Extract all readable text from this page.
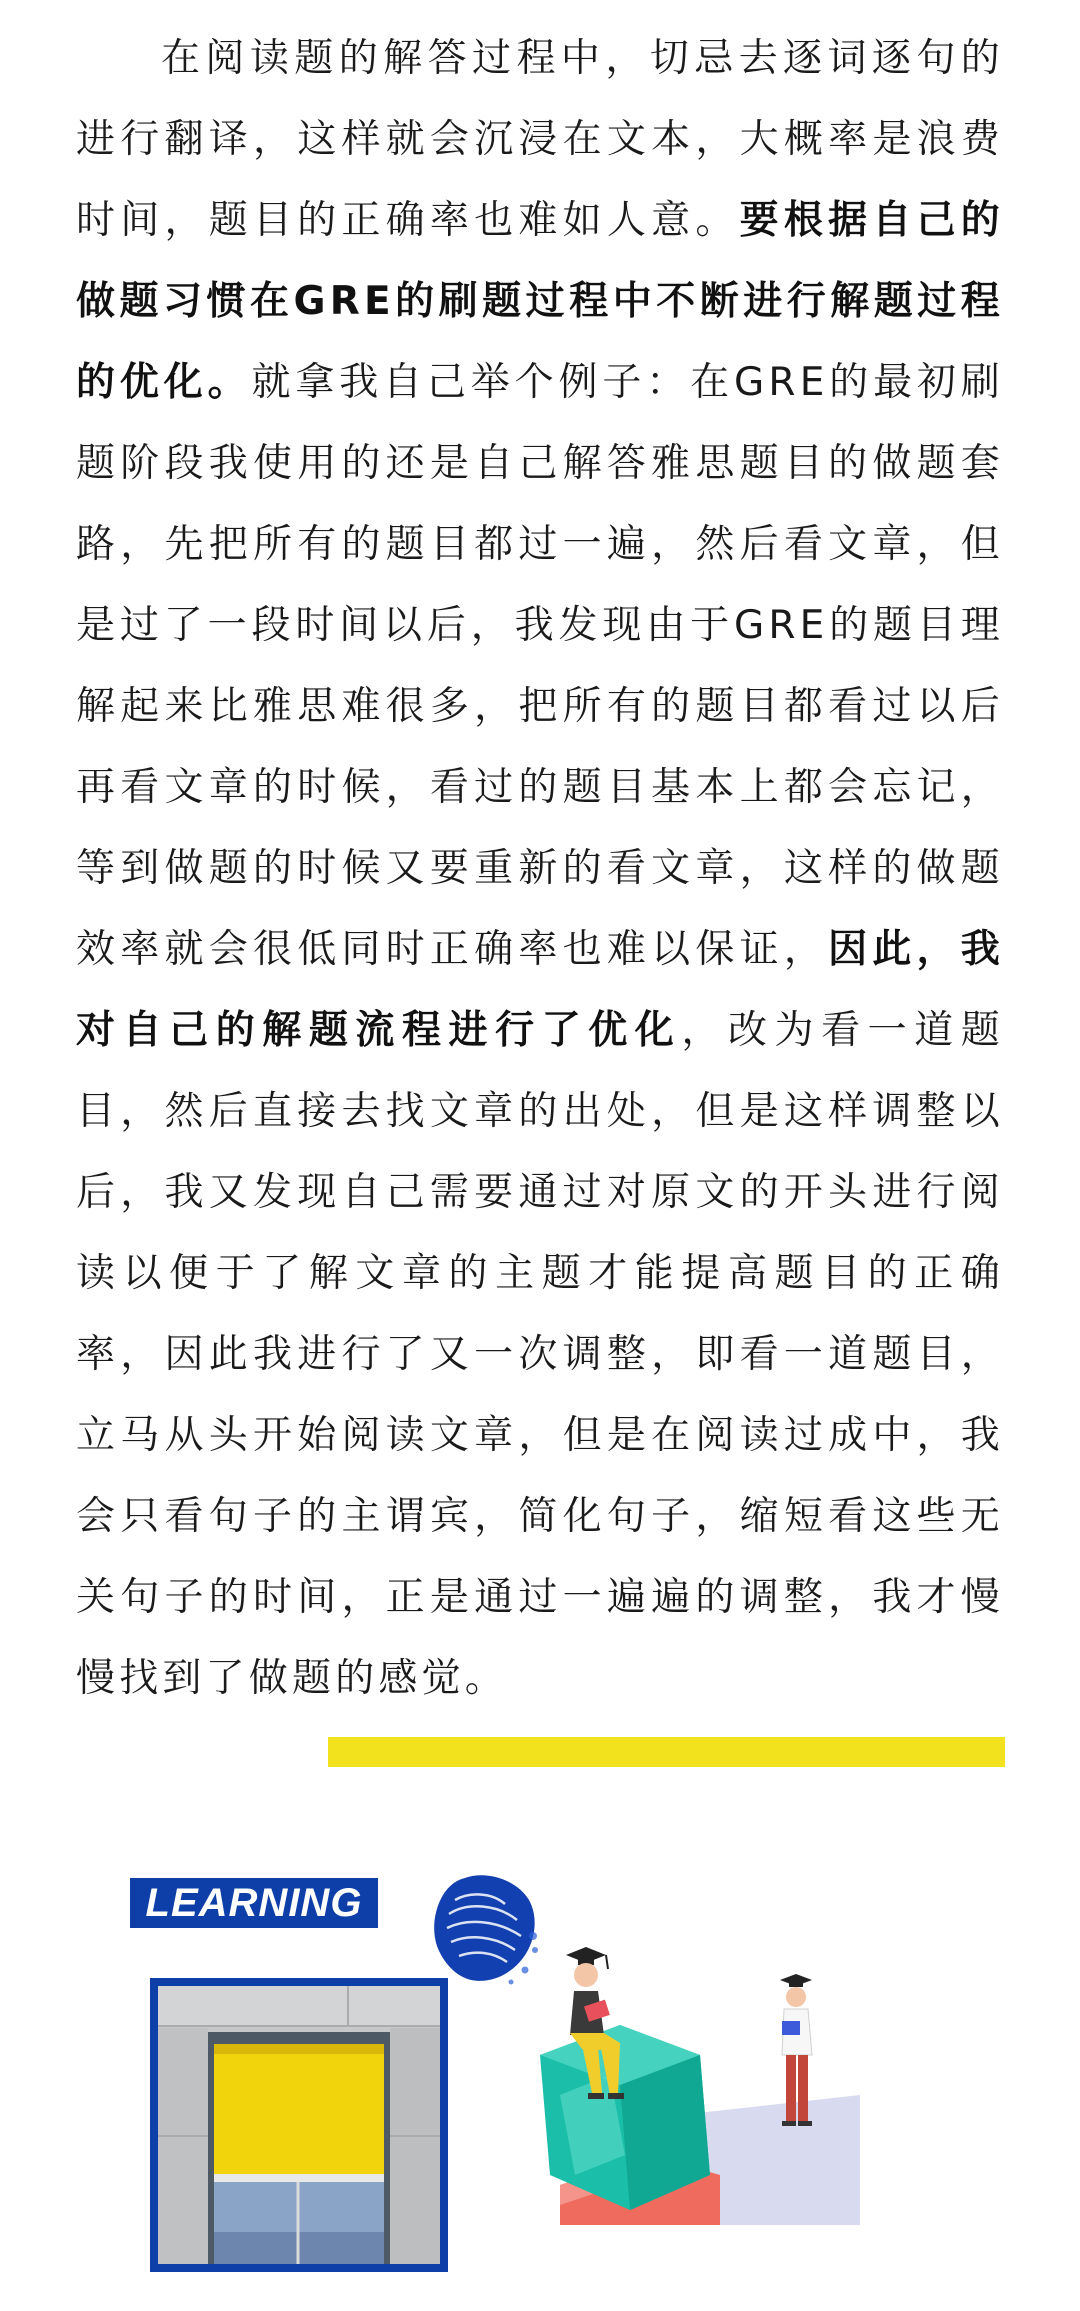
在阅读题的解答过程中，切忌去逐词逐句的进行翻译，这样就会沉浸在文本，大概率是浪费时间，题目的正确率也难如人意。要根据自己的做题习惯在GRE的刷题过程中不断进行解题过程的优化。就拿我自己举个例子：在GRE的最初刷题阶段我使用的还是自己解答雅思题目的做题套路，先把所有的题目都过一遍，然后看文章，但是过了一段时间以后，我发现由于GRE的题目理解起来比雅思难很多，把所有的题目都看过以后再看文章的时候，看过的题目基本上都会忘记，等到做题的时候又要重新的看文章，这样的做题效率就会很低同时正确率也难以保证，因此，我对自己的解题流程进行了优化，改为看一道题目，然后直接去找文章的出处，但是这样调整以后，我又发现自己需要通过对原文的开头进行阅读以便于了解文章的主题才能提高题目的正确率，因此我进行了又一次调整，即看一道题目，立马从头开始阅读文章，但是在阅读过成中，我会只看句子的主谓宾，简化句子，缩短看这些无关句子的时间，正是通过一遍遍的调整，我才慢慢找到了做题的感觉。

LEARNING
